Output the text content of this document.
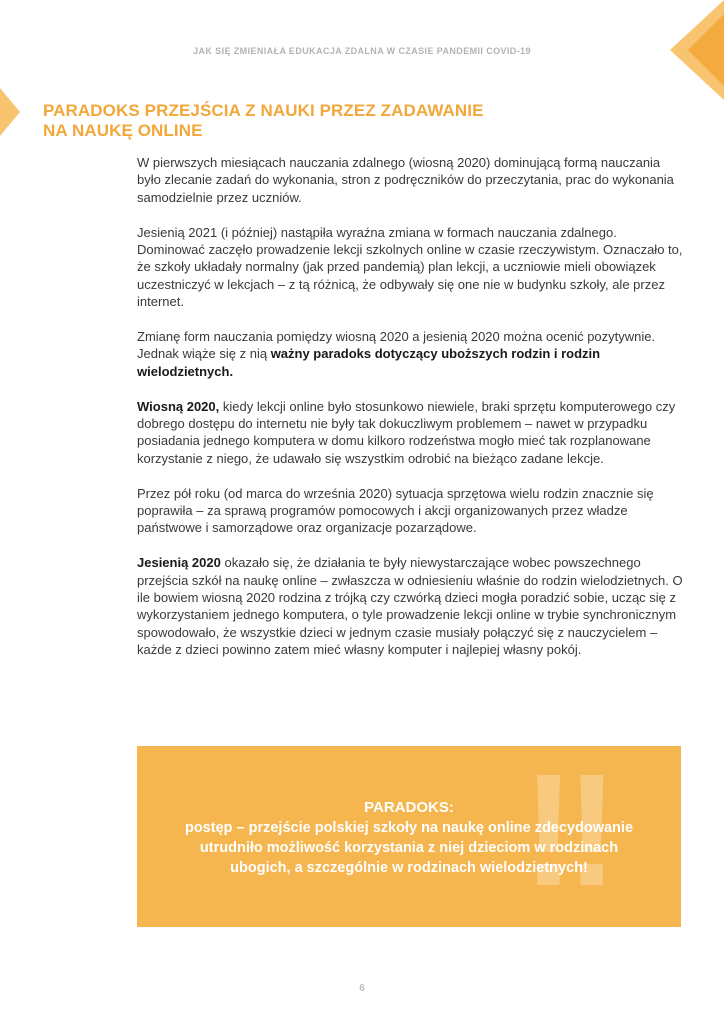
JAK SIĘ ZMIENIAŁA EDUKACJA ZDALNA W CZASIE PANDEMII COVID-19
PARADOKS PRZEJŚCIA Z NAUKI PRZEZ ZADAWANIE
NA NAUKĘ ONLINE

W pierwszych miesiącach nauczania zdalnego (wiosną 2020) dominującą formą nauczania było zlecanie zadań do wykonania, stron z podręczników do przeczytania, prac do wykonania samodzielnie przez uczniów.

Jesienią 2021 (i później) nastąpiła wyraźna zmiana w formach nauczania zdalnego. Dominować zaczęło prowadzenie lekcji szkolnych online w czasie rzeczywistym. Oznaczało to, że szkoły układały normalny (jak przed pandemią) plan lekcji, a uczniowie mieli obowiązek uczestniczyć w lekcjach – z tą różnicą, że odbywały się one nie w budynku szkoły, ale przez internet.

Zmianę form nauczania pomiędzy wiosną 2020 a jesienią 2020 można ocenić pozytywnie. Jednak wiąże się z nią ważny paradoks dotyczący uboższych rodzin i rodzin wielodzietnych.

Wiosną 2020, kiedy lekcji online było stosunkowo niewiele, braki sprzętu komputerowego czy dobrego dostępu do internetu nie były tak dokuczliwym problemem – nawet w przypadku posiadania jednego komputera w domu kilkoro rodzeństwa mogło mieć tak rozplanowane korzystanie z niego, że udawało się wszystkim odrobić na bieżąco zadane lekcje.

Przez pół roku (od marca do września 2020) sytuacja sprzętowa wielu rodzin znacznie się poprawiła – za sprawą programów pomocowych i akcji organizowanych przez władze państwowe i samorządowe oraz organizacje pozarządowe.

Jesienią 2020 okazało się, że działania te były niewystarczające wobec powszechnego przejścia szkół na naukę online – zwłaszcza w odniesieniu właśnie do rodzin wielodzietnych. O ile bowiem wiosną 2020 rodzina z trójką czy czwórką dzieci mogła poradzić sobie, ucząc się z wykorzystaniem jednego komputera, o tyle prowadzenie lekcji online w trybie synchronicznym spowodowało, że wszystkie dzieci w jednym czasie musiały połączyć się z nauczycielem – każde z dzieci powinno zatem mieć własny komputer i najlepiej własny pokój.

!!
PARADOKS:
postęp – przejście polskiej szkoły na naukę online zdecydowanie
utrudniło możliwość korzystania z niej dzieciom w rodzinach
ubogich, a szczególnie w rodzinach wielodzietnych!
6
